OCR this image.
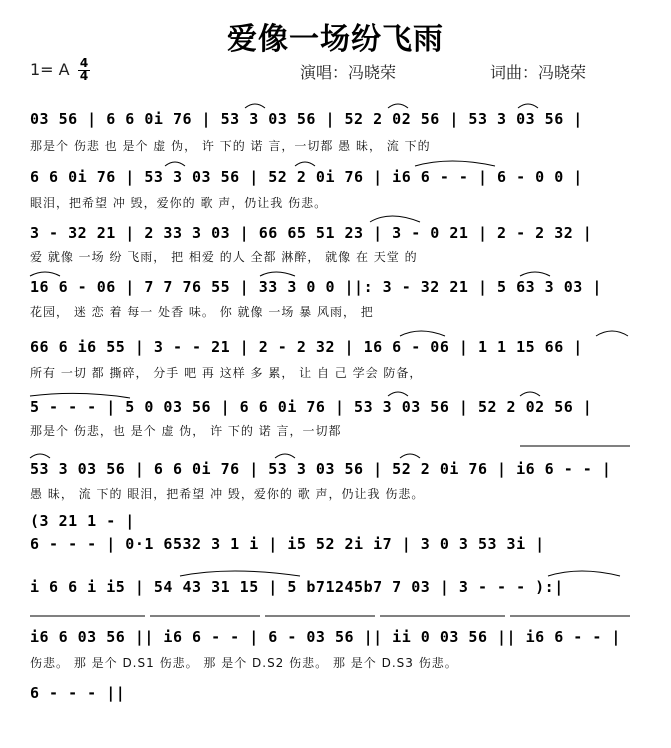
爱像一场纷飞雨
1= A 4
4	演唱：冯晓荣	词曲：冯晓荣
03 56 | 6 6 0i 76 | 53 3 03 56 | 52 2 02 56 | 53 3 03 56 |
那是个 伤悲 也 是个 虚 伪， 许 下的 诺 言，一切都 愚 昧， 流 下的
6 6 0i 76 | 53 3 03 56 | 52 2 0i 76 | i6 6 - - | 6 - 0 0 |
眼泪，把希望 冲 毁，爱你的 歌 声，仍让我 伤悲。
3 - 32 21 | 2 33 3 03 | 66 65 51 23 | 3 - 0 21 | 2 - 2 32 |
爱 就像 一场 纷 飞雨， 把 相爱 的人 全都 淋醉， 就像 在 天堂 的
16 6 - 06 | 7 7 76 55 | 33 3 0 0 ||: 3 - 32 21 | 5 63 3 03 |
花园， 迷 恋 着 每一 处香 味。 你 就像 一场 暴 风雨， 把
66 6 i6 55 | 3 - - 21 | 2 - 2 32 | 16 6 - 06 | 1 1 15 66 |
所有 一切 都 撕碎， 分手 吧 再 这样 多 累， 让 自 己 学会 防备，
5 - - - | 5 0 03 56 | 6 6 0i 76 | 53 3 03 56 | 52 2 02 56 |
那是个 伤悲，也 是个 虚 伪， 许 下的 诺 言，一切都
53 3 03 56 | 6 6 0i 76 | 53 3 03 56 | 52 2 0i 76 | i6 6 - - |
愚 昧， 流 下的 眼泪，把希望 冲 毁，爱你的 歌 声，仍让我 伤悲。
(3 21 1 - |
6 - - - | 0·1 6532 3 1 i | i5 52 2i i7 | 3 0 3 53 3i |
i 6 6 i i5 | 54 43 31 15 | 5 b71245b7 7 03 | 3 - - - ):|
i6 6 03 56 || i6 6 - - | 6 - 03 56 || ii 0 03 56 || i6 6 - - |
伤悲。 那 是个 D.S1 伤悲。 那 是个 D.S2 伤悲。 那 是个 D.S3 伤悲。
6 - - - ||
